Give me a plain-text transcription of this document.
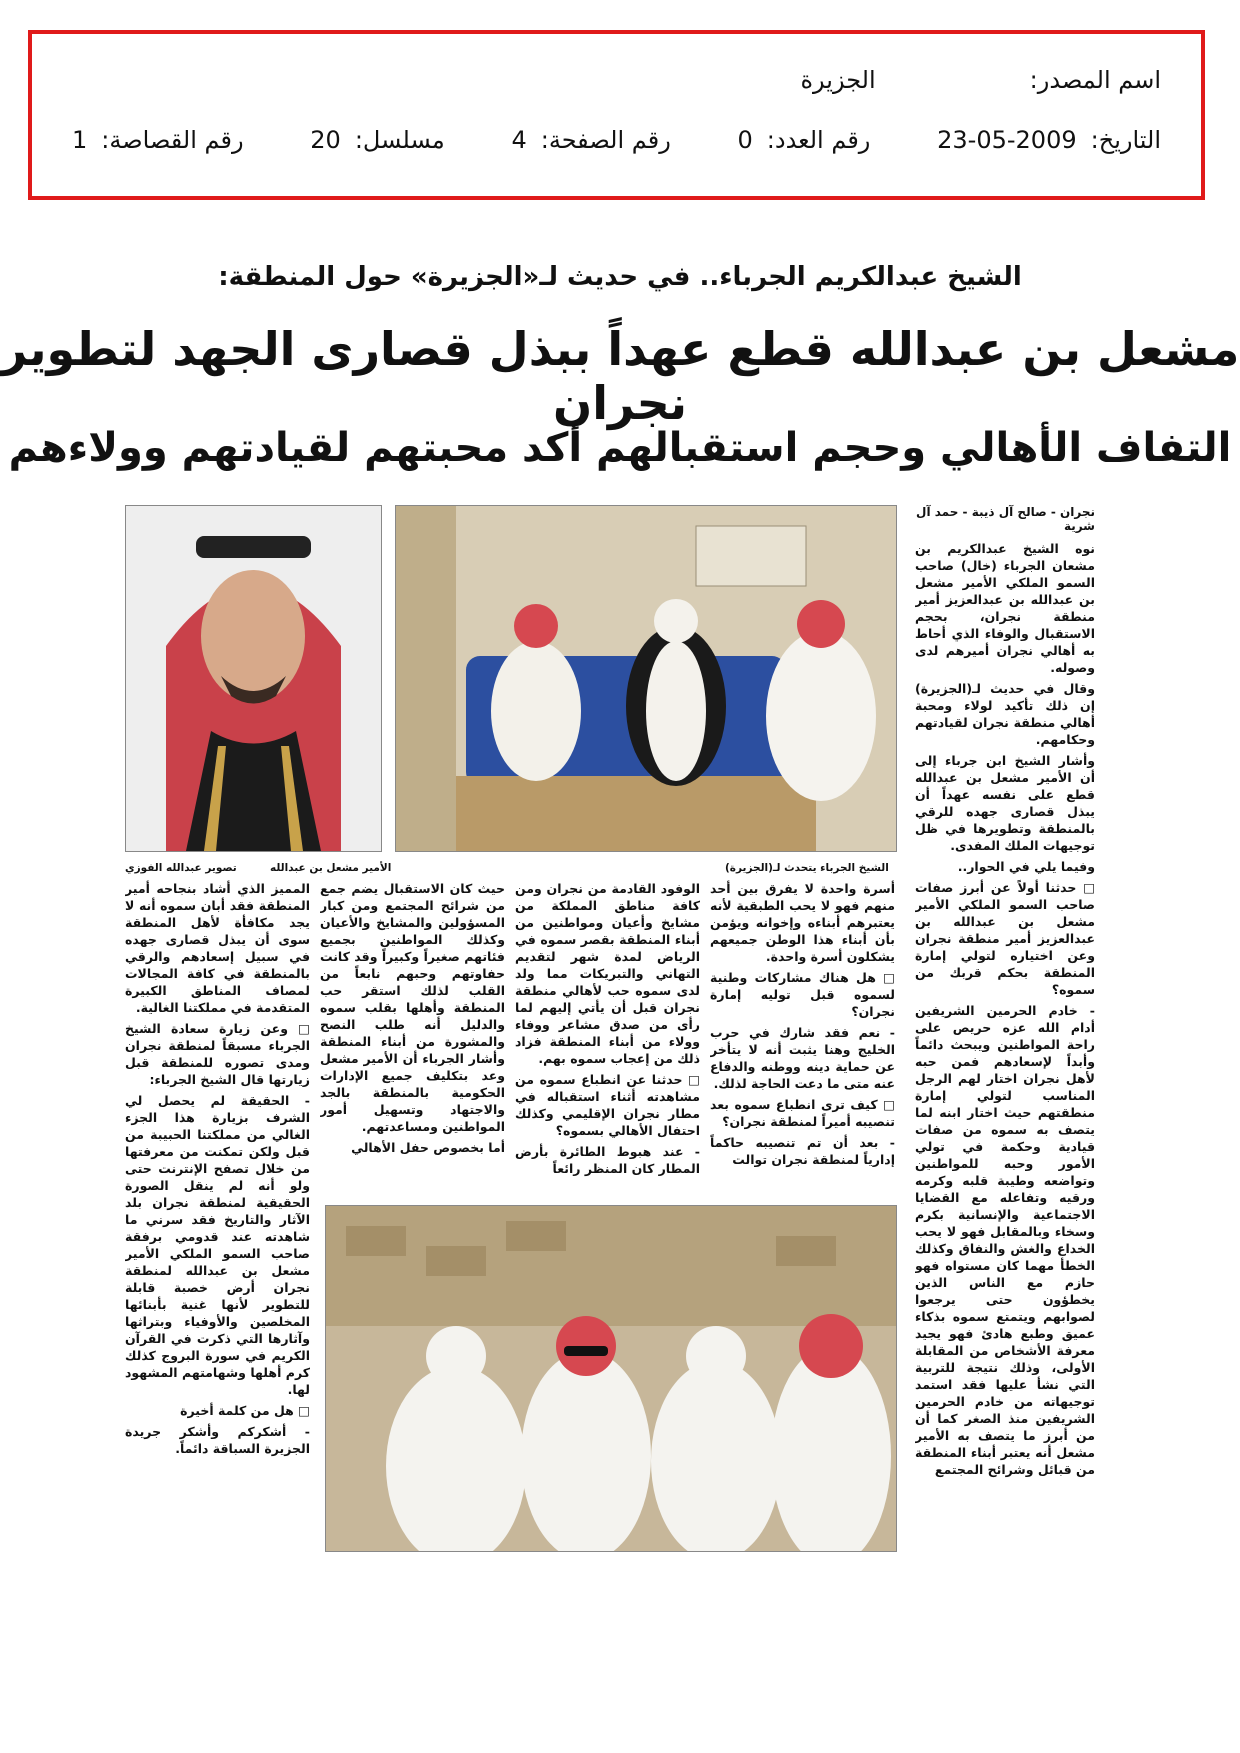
اسم المصدر:
الجزيرة
التاريخ:
23-05-2009
رقم العدد:
0
رقم الصفحة:
4
مسلسل:
20
رقم القصاصة:
1
الشيخ عبدالكريم الجرباء.. في حديث لـ«الجزيرة» حول المنطقة:
مشعل بن عبدالله قطع عهداً ببذل قصارى الجهد لتطوير نجران
التفاف الأهالي وحجم استقبالهم أكد محبتهم لقيادتهم وولاءهم
نجران - صالح آل ذيبة - حمد آل شرية

نوه الشيخ عبدالكريم بن مشعان الجرباء (خال) صاحب السمو الملكي الأمير مشعل بن عبدالله بن عبدالعزيز أمير منطقة نجران، بحجم الاستقبال والوفاء الذي أحاط به أهالي نجران أميرهم لدى وصوله.

وقال في حديث لـ(الجزيرة) إن ذلك تأكيد لولاء ومحبة أهالي منطقة نجران لقيادتهم وحكامهم.

وأشار الشيخ ابن جرباء إلى أن الأمير مشعل بن عبدالله قطع على نفسه عهداً أن يبذل قصارى جهده للرقي بالمنطقة وتطويرها في ظل توجيهات الملك المفدى.

وفيما يلي في الحوار..

□ حدثنا أولاً عن أبرز صفات صاحب السمو الملكي الأمير مشعل بن عبدالله بن عبدالعزيز أمير منطقة نجران وعن اختياره لتولي إمارة المنطقة بحكم قربك من سموه؟

- خادم الحرمين الشريفين أدام الله عزه حريص على راحة المواطنين ويبحث دائماً وأبداً لإسعادهم فمن حبه لأهل نجران اختار لهم الرجل المناسب لتولي إمارة منطقتهم حيث اختار ابنه لما يتصف به سموه من صفات قيادية وحكمة في تولي الأمور وحبه للمواطنين وتواضعه وطيبة قلبه وكرمه ورقيه وتفاعله مع القضايا الاجتماعية والإنسانية بكرم وسخاء وبالمقابل فهو لا يحب الخداع والغش والنفاق وكذلك الخطأ مهما كان مستواه فهو حازم مع الناس الذين يخطؤون حتى يرجعوا لصوابهم ويتمتع سموه بذكاء عميق وطبع هادئ فهو يجيد معرفة الأشخاص من المقابلة الأولى، وذلك نتيجة للتربية التي نشأ عليها فقد استمد توجيهاته من خادم الحرمين الشريفين منذ الصغر كما أن من أبرز ما يتصف به الأمير مشعل أنه يعتبر أبناء المنطقة من قبائل وشرائح المجتمع

الشيخ الجرباء يتحدث لـ(الجزيرة)
الأمير مشعل بن عبدالله
تصوير عبدالله الفوزي

أسرة واحدة لا يفرق بين أحد منهم فهو لا يحب الطبقية لأنه يعتبرهم أبناءه وإخوانه ويؤمن بأن أبناء هذا الوطن جميعهم يشكلون أسرة واحدة.

□ هل هناك مشاركات وطنية لسموه قبل توليه إمارة نجران؟

- نعم فقد شارك في حرب الخليج وهنا يثبت أنه لا يتأخر عن حماية دينه ووطنه والدفاع عنه متى ما دعت الحاجة لذلك.

□ كيف ترى انطباع سموه بعد تنصيبه أميراً لمنطقة نجران؟

- بعد أن تم تنصيبه حاكماً إدارياً لمنطقة نجران توالت

الوفود القادمة من نجران ومن كافة مناطق المملكة من مشايخ وأعيان ومواطنين من أبناء المنطقة بقصر سموه في الرياض لمدة شهر لتقديم التهاني والتبريكات مما ولد لدى سموه حب لأهالي منطقة نجران قبل أن يأتي إليهم لما رأى من صدق مشاعر ووفاء وولاء من أبناء المنطقة فزاد ذلك من إعجاب سموه بهم.

□ حدثنا عن انطباع سموه من مشاهدته أثناء استقباله في مطار نجران الإقليمي وكذلك احتفال الأهالي بسموه؟

- عند هبوط الطائرة بأرض المطار كان المنظر رائعاً

حيث كان الاستقبال يضم جمع من شرائح المجتمع ومن كبار المسؤولين والمشايخ والأعيان وكذلك المواطنين بجميع فئاتهم صغيراً وكبيراً وقد كانت حفاوتهم وحبهم نابعاً من القلب لذلك استقر حب المنطقة وأهلها بقلب سموه والدليل أنه طلب النصح والمشورة من أبناء المنطقة وأشار الجرباء أن الأمير مشعل وعد بتكليف جميع الإدارات الحكومية بالمنطقة بالجد والاجتهاد وتسهيل أمور المواطنين ومساعدتهم.

أما بخصوص حفل الأهالي

المميز الذي أشاد بنجاحه أمير المنطقة فقد أبان سموه أنه لا يجد مكافأة لأهل المنطقة سوى أن يبذل قصارى جهده في سبيل إسعادهم والرقي بالمنطقة في كافة المجالات لمصاف المناطق الكبيرة المتقدمة في مملكتنا الغالية.

□ وعن زيارة سعادة الشيخ الجرباء مسبقاً لمنطقة نجران ومدى تصوره للمنطقة قبل زيارتها قال الشيخ الجرباء:

- الحقيقة لم يحصل لي الشرف بزيارة هذا الجزء الغالي من مملكتنا الحبيبة من قبل ولكن تمكنت من معرفتها من خلال تصفح الإنترنت حتى ولو أنه لم ينقل الصورة الحقيقية لمنطقة نجران بلد الآثار والتاريخ فقد سرني ما شاهدته عند قدومي برفقة صاحب السمو الملكي الأمير مشعل بن عبدالله لمنطقة نجران أرض خصبة قابلة للتطوير لأنها غنية بأبنائها المخلصين والأوفياء وبتراثها وآثارها التي ذكرت في القرآن الكريم في سورة البروج كذلك كرم أهلها وشهامتهم المشهود لها.

□ هل من كلمة أخيرة

- أشكركم وأشكر جريدة الجزيرة السباقة دائماً.
